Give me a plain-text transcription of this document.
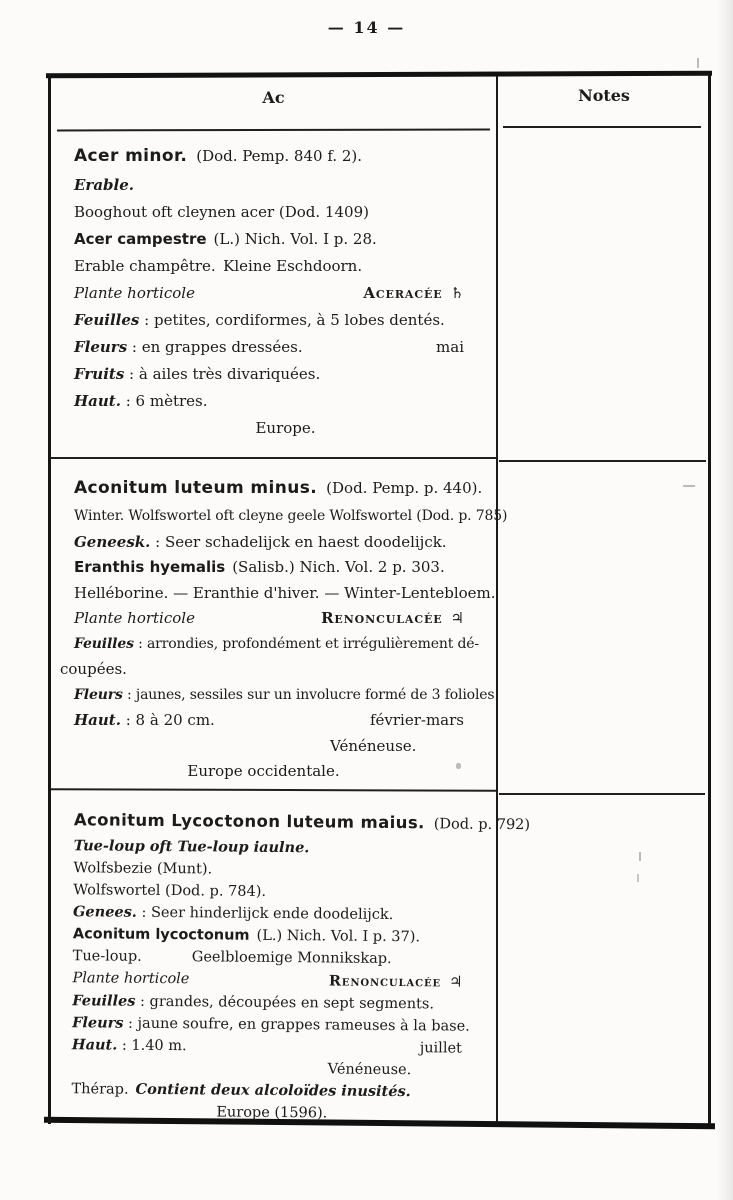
— 14 —
Ac	Notes
Acer minor. (Dod. Pemp. 840 f. 2).
Erable.
Booghout oft cleynen acer (Dod. 1409)
Acer campestre (L.) Nich. Vol. I p. 28.
Erable champêtre. Kleine Eschdoorn.
Plante horticole	Aceracée ♄
Feuilles : petites, cordiformes, à 5 lobes dentés.
Fleurs : en grappes dressées.	mai
Fruits : à ailes très divariquées.
Haut. : 6 mètres.
Europe.
Aconitum luteum minus. (Dod. Pemp. p. 440).
Winter. Wolfswortel oft cleyne geele Wolfswortel (Dod. p. 785)
Geneesk. : Seer schadelijck en haest doodelijck.
Eranthis hyemalis (Salisb.) Nich. Vol. 2 p. 303.
Helléborine. — Eranthie d'hiver. — Winter-Lentebloem.
Plante horticole	Renonculacée ♃
Feuilles : arrondies, profondément et irrégulièrement dé-
coupées.
Fleurs : jaunes, sessiles sur un involucre formé de 3 folioles.
Haut. : 8 à 20 cm.	février-mars
Vénéneuse.
Europe occidentale.
Aconitum Lycoctonon luteum maius. (Dod. p. 792)
Tue-loup oft Tue-loup iaulne.
Wolfsbezie (Munt).
Wolfswortel (Dod. p. 784).
Genees. : Seer hinderlijck ende doodelijck.
Aconitum lycoctonum (L.) Nich. Vol. I p. 37).
Tue-loup.	Geelbloemige Monnikskap.
Plante horticole	Renonculacée ♃
Feuilles : grandes, découpées en sept segments.
Fleurs : jaune soufre, en grappes rameuses à la base.
Haut. : 1.40 m.	juillet
Vénéneuse.
Thérap. Contient deux alcoloïdes inusités.
Europe (1596).
